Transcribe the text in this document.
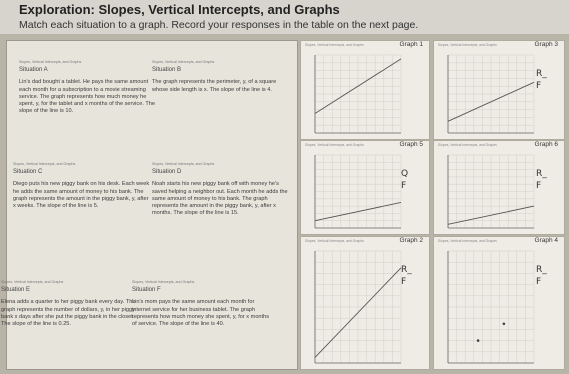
Exploration: Slopes, Vertical Intercepts, and Graphs
Match each situation to a graph. Record your responses in the table on the next page.
Slopes, Vertical Intercepts, and Graphs
Situation A
Lin's dad bought a tablet. He pays the same amount each month for a subscription to a movie streaming service. The graph represents how much money he spent, y, for the tablet and x months of the service. The slope of the line is 10.
Slopes, Vertical Intercepts, and Graphs
Situation B
The graph represents the perimeter, y, of a square whose side length is x. The slope of the line is 4.
Slopes, Vertical Intercepts, and Graphs
Situation C
Diego puts his new piggy bank on his desk. Each week he adds the same amount of money to his bank. The graph represents the amount in the piggy bank, y, after x weeks. The slope of the line is 5.
Slopes, Vertical Intercepts, and Graphs
Situation D
Noah starts his new piggy bank off with money he's saved helping a neighbor out. Each month he adds the same amount of money to his bank. The graph represents the amount in the piggy bank, y, after x months. The slope of the line is 15.
Slopes, Vertical Intercepts, and Graphs
Situation E
Elena adds a quarter to her piggy bank every day. The graph represents the number of dollars, y, in her piggy bank x days after she put the piggy bank in the closet. The slope of the line is 0.25.
Slopes, Vertical Intercepts, and Graphs
Situation F
Lin's mom pays the same amount each month for internet service for her business tablet. The graph represents how much money she spent, y, for x months of service. The slope of the line is 40.
Slopes, Vertical Intercepts, and Graphs	Graph 1	Slopes, Vertical Intercepts, and Graphs	Graph 3
R_
F
Slopes, Vertical Intercepts, and Graphs	Graph 5
Q
F
Slopes, Vertical Intercepts, and Graphs	Graph 6
R_
F
Slopes, Vertical Intercepts, and Graphs	Graph 2
R_
F
Slopes, Vertical Intercepts, and Graphs	Graph 4
R_
F
